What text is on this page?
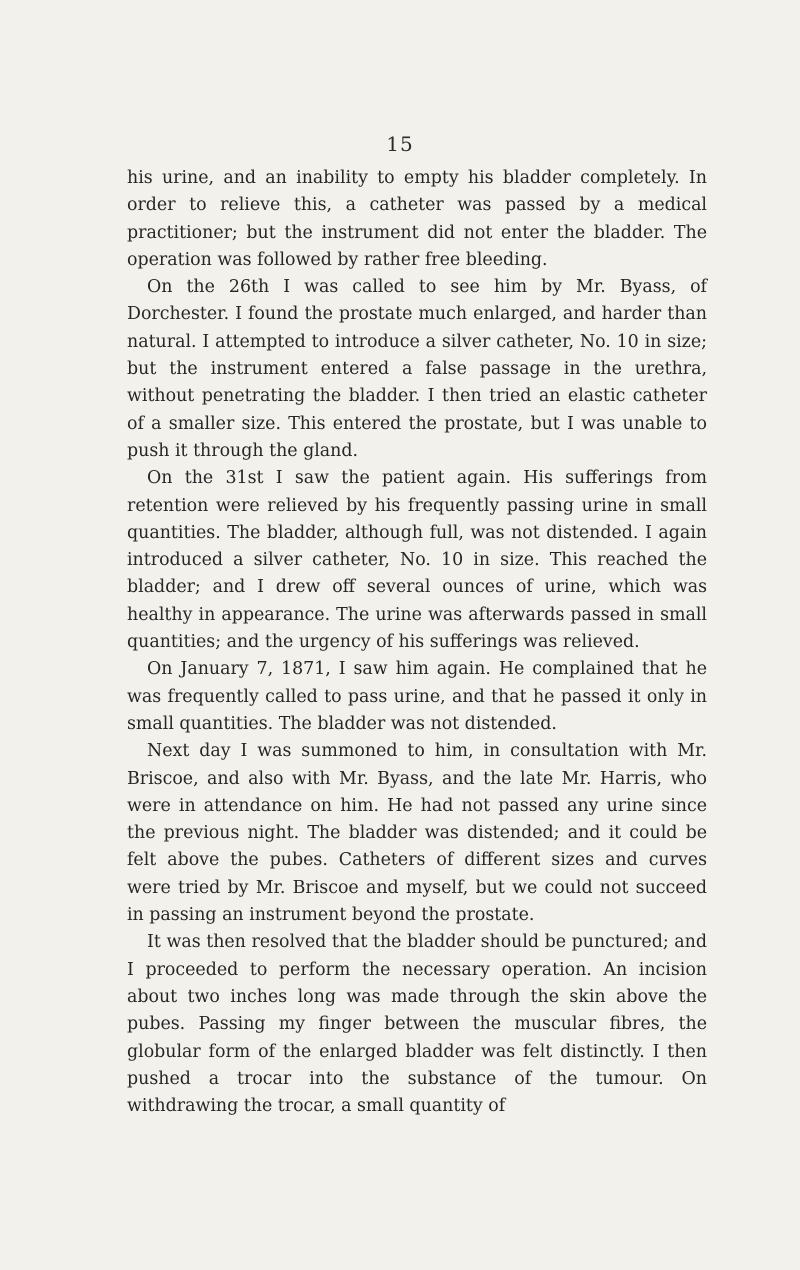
15

his urine, and an inability to empty his bladder completely. In order to relieve this, a catheter was passed by a medical practitioner; but the instrument did not enter the bladder. The operation was followed by rather free bleeding.

On the 26th I was called to see him by Mr. Byass, of Dorchester. I found the prostate much enlarged, and harder than natural. I attempted to introduce a silver catheter, No. 10 in size; but the instrument entered a false passage in the urethra, without penetrating the bladder. I then tried an elastic catheter of a smaller size. This entered the prostate, but I was unable to push it through the gland.

On the 31st I saw the patient again. His sufferings from retention were relieved by his frequently passing urine in small quantities. The bladder, although full, was not distended. I again introduced a silver catheter, No. 10 in size. This reached the bladder; and I drew off several ounces of urine, which was healthy in appearance. The urine was afterwards passed in small quantities; and the urgency of his sufferings was relieved.

On January 7, 1871, I saw him again. He complained that he was frequently called to pass urine, and that he passed it only in small quantities. The bladder was not distended.

Next day I was summoned to him, in consultation with Mr. Briscoe, and also with Mr. Byass, and the late Mr. Harris, who were in attendance on him. He had not passed any urine since the previous night. The bladder was distended; and it could be felt above the pubes. Catheters of different sizes and curves were tried by Mr. Briscoe and myself, but we could not succeed in passing an instrument beyond the prostate.

It was then resolved that the bladder should be punctured; and I proceeded to perform the necessary operation. An incision about two inches long was made through the skin above the pubes. Passing my finger between the muscular fibres, the globular form of the enlarged bladder was felt distinctly. I then pushed a trocar into the substance of the tumour. On withdrawing the trocar, a small quantity of
